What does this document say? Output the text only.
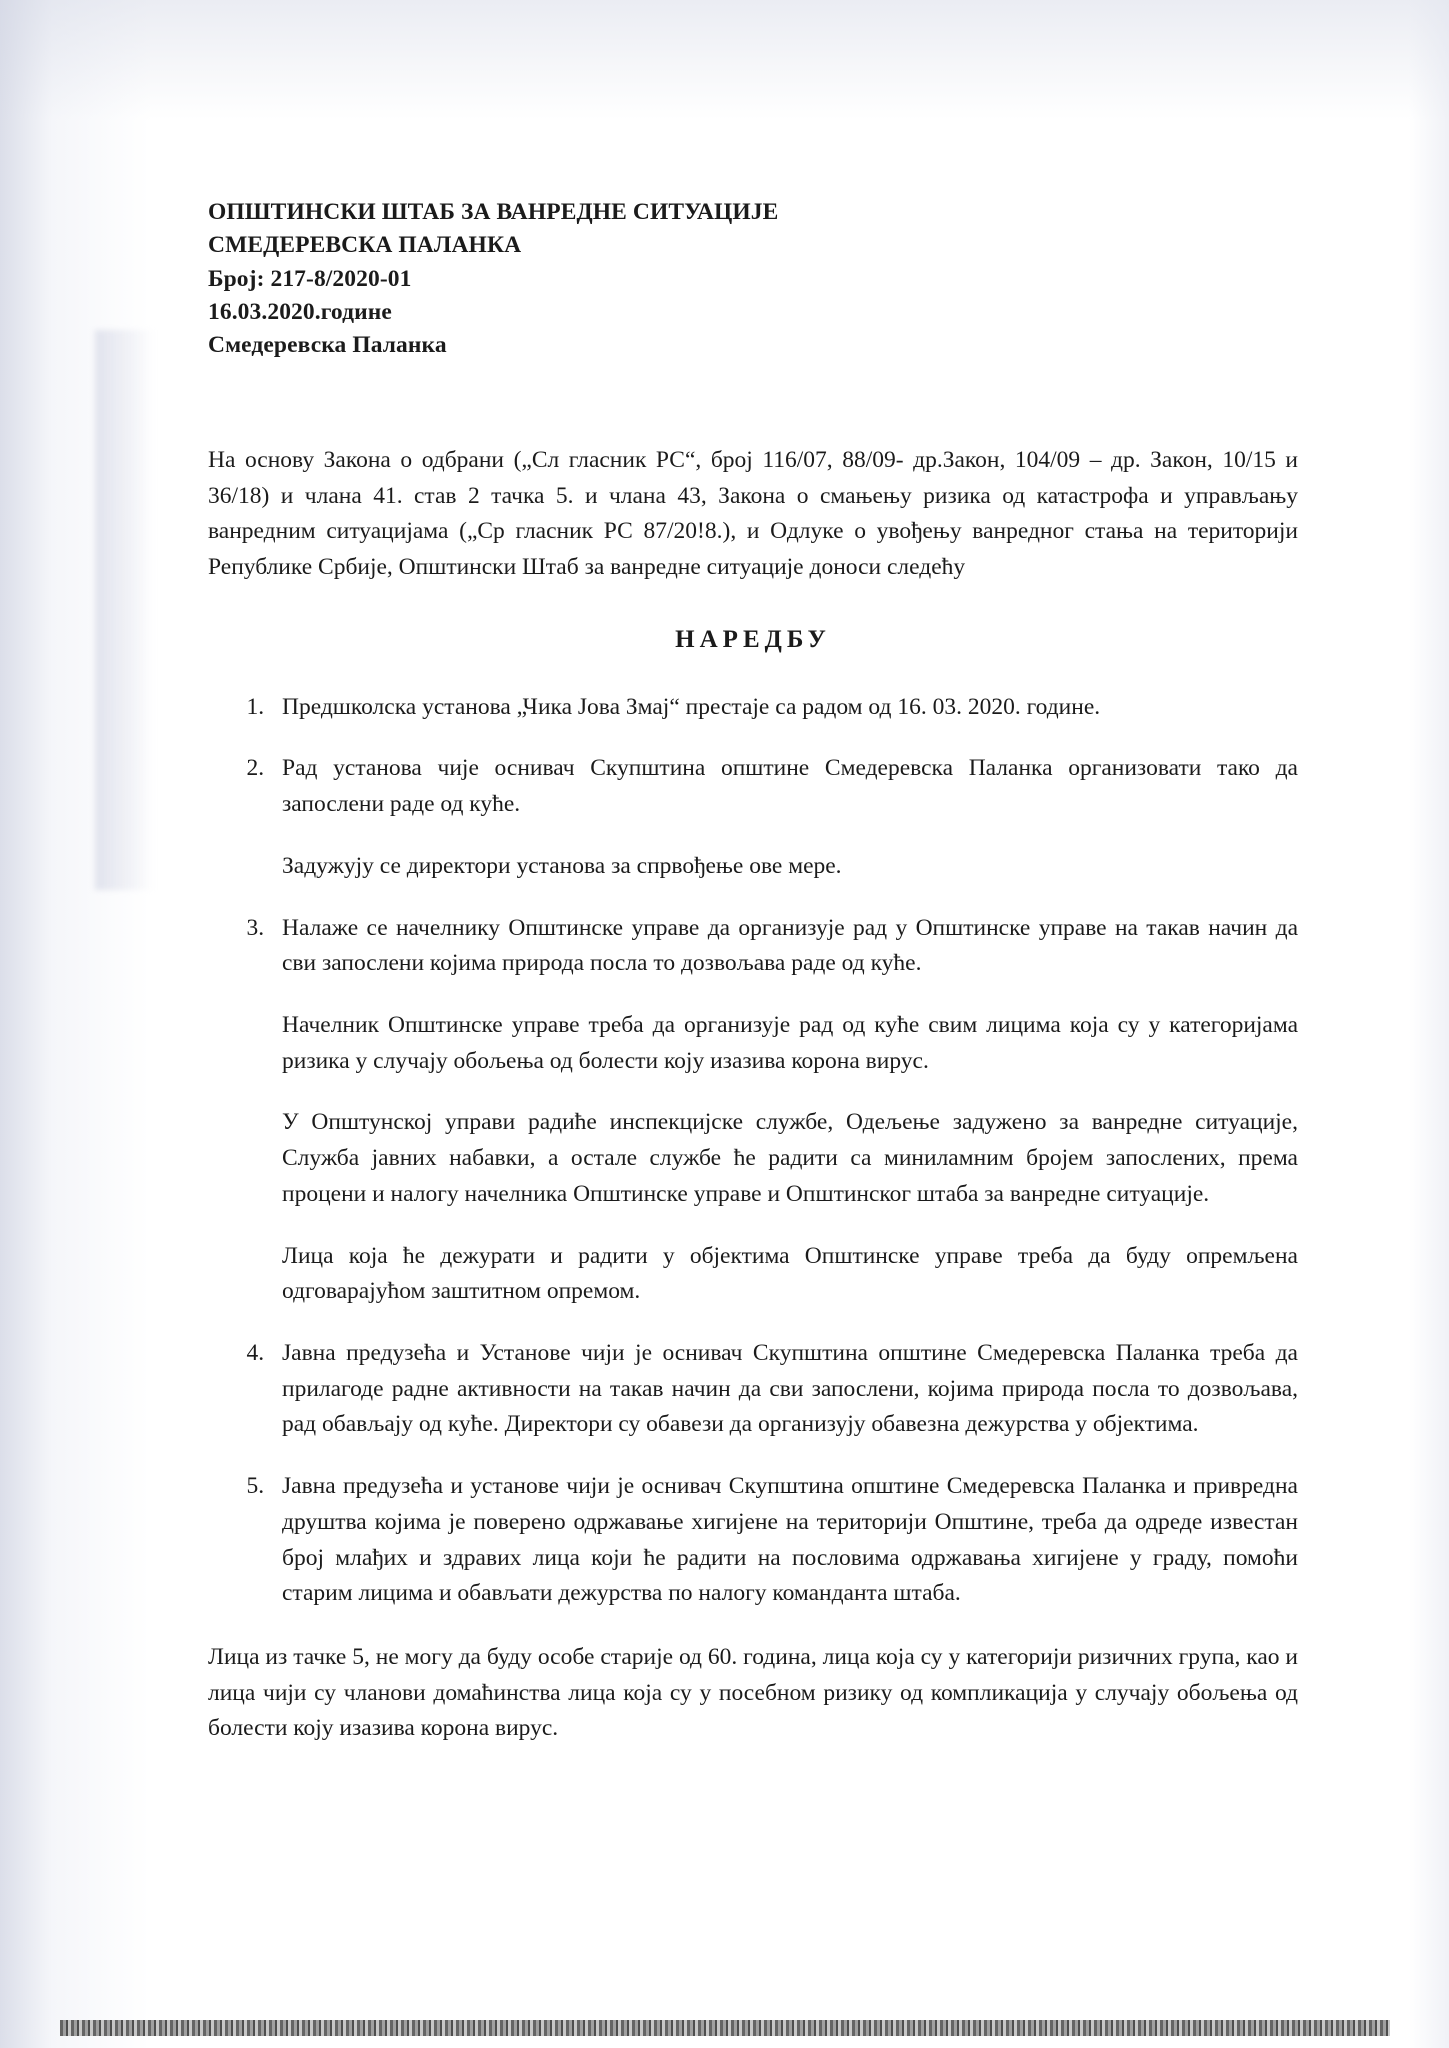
ОПШТИНСКИ ШТАБ ЗА ВАНРЕДНЕ СИТУАЦИЈЕ
СМЕДЕРЕВСКА ПАЛАНКА
Број: 217-8/2020-01
16.03.2020.године
Смедеревска Паланка

На основу Закона о одбрани („Сл гласник РС“, број 116/07, 88/09- др.Закон, 104/09 – др. Закон, 10/15 и 36/18) и члана 41. став 2 тачка 5. и члана 43, Закона о смањењу ризика од катастрофа и управљању ванредним ситуацијама („Ср гласник РС 87/20!8.), и Одлуке о увођењу ванредног стања на територији Републике Србије, Општински Штаб за ванредне ситуације доноси следећу

НАРЕДБУ
1. Предшколска установа „Чика Јова Змај“ престаје са радом од 16. 03. 2020. године.
2. Рад установа чије оснивач Скупштина општине Смедеревска Паланка организовати тако да запослени раде од куће.

Задужују се директори установа за спрвођење ове мере.

3. Налаже се начелнику Општинске управе да организује рад у Општинске управе на такав начин да сви запослени којима природа посла то дозвољава раде од куће.

Начелник Општинске управе треба да организује рад од куће свим лицима која су у категоријама ризика у случају обољења од болести коју изазива корона вирус.

У Општунској управи радиће инспекцијске службе, Одељење задужено за ванредне ситуације, Служба јавних набавки, а остале службе ће радити са миниламним бројем запослених, према процени и налогу начелника Општинске управе и Општинског штаба за ванредне ситуације.

Лица која ће дежурати и радити у објектима Општинске управе треба да буду опремљена одговарајућом заштитном опремом.

4. Јавна предузећа и Установе чији је оснивач Скупштина општине Смедеревска Паланка треба да прилагоде радне активности на такав начин да сви запослени, којима природа посла то дозвољава, рад обављају од куће. Директори су обавези да организују обавезна дежурства у објектима.
5. Јавна предузећа и установе чији је оснивач Скупштина општине Смедеревска Паланка и привредна друштва којима је поверено одржавање хигијене на територији Општине, треба да одреде известан број млађих и здравих лица који ће радити на пословима одржавања хигијене у граду, помоћи старим лицима и обављати дежурства по налогу команданта штаба.

Лица из тачке 5, не могу да буду особе старије од 60. година, лица која су у категорији ризичних група, као и лица чији су чланови домаћинства лица која су у посебном ризику од компликација у случају обољења од болести коју изазива корона вирус.
